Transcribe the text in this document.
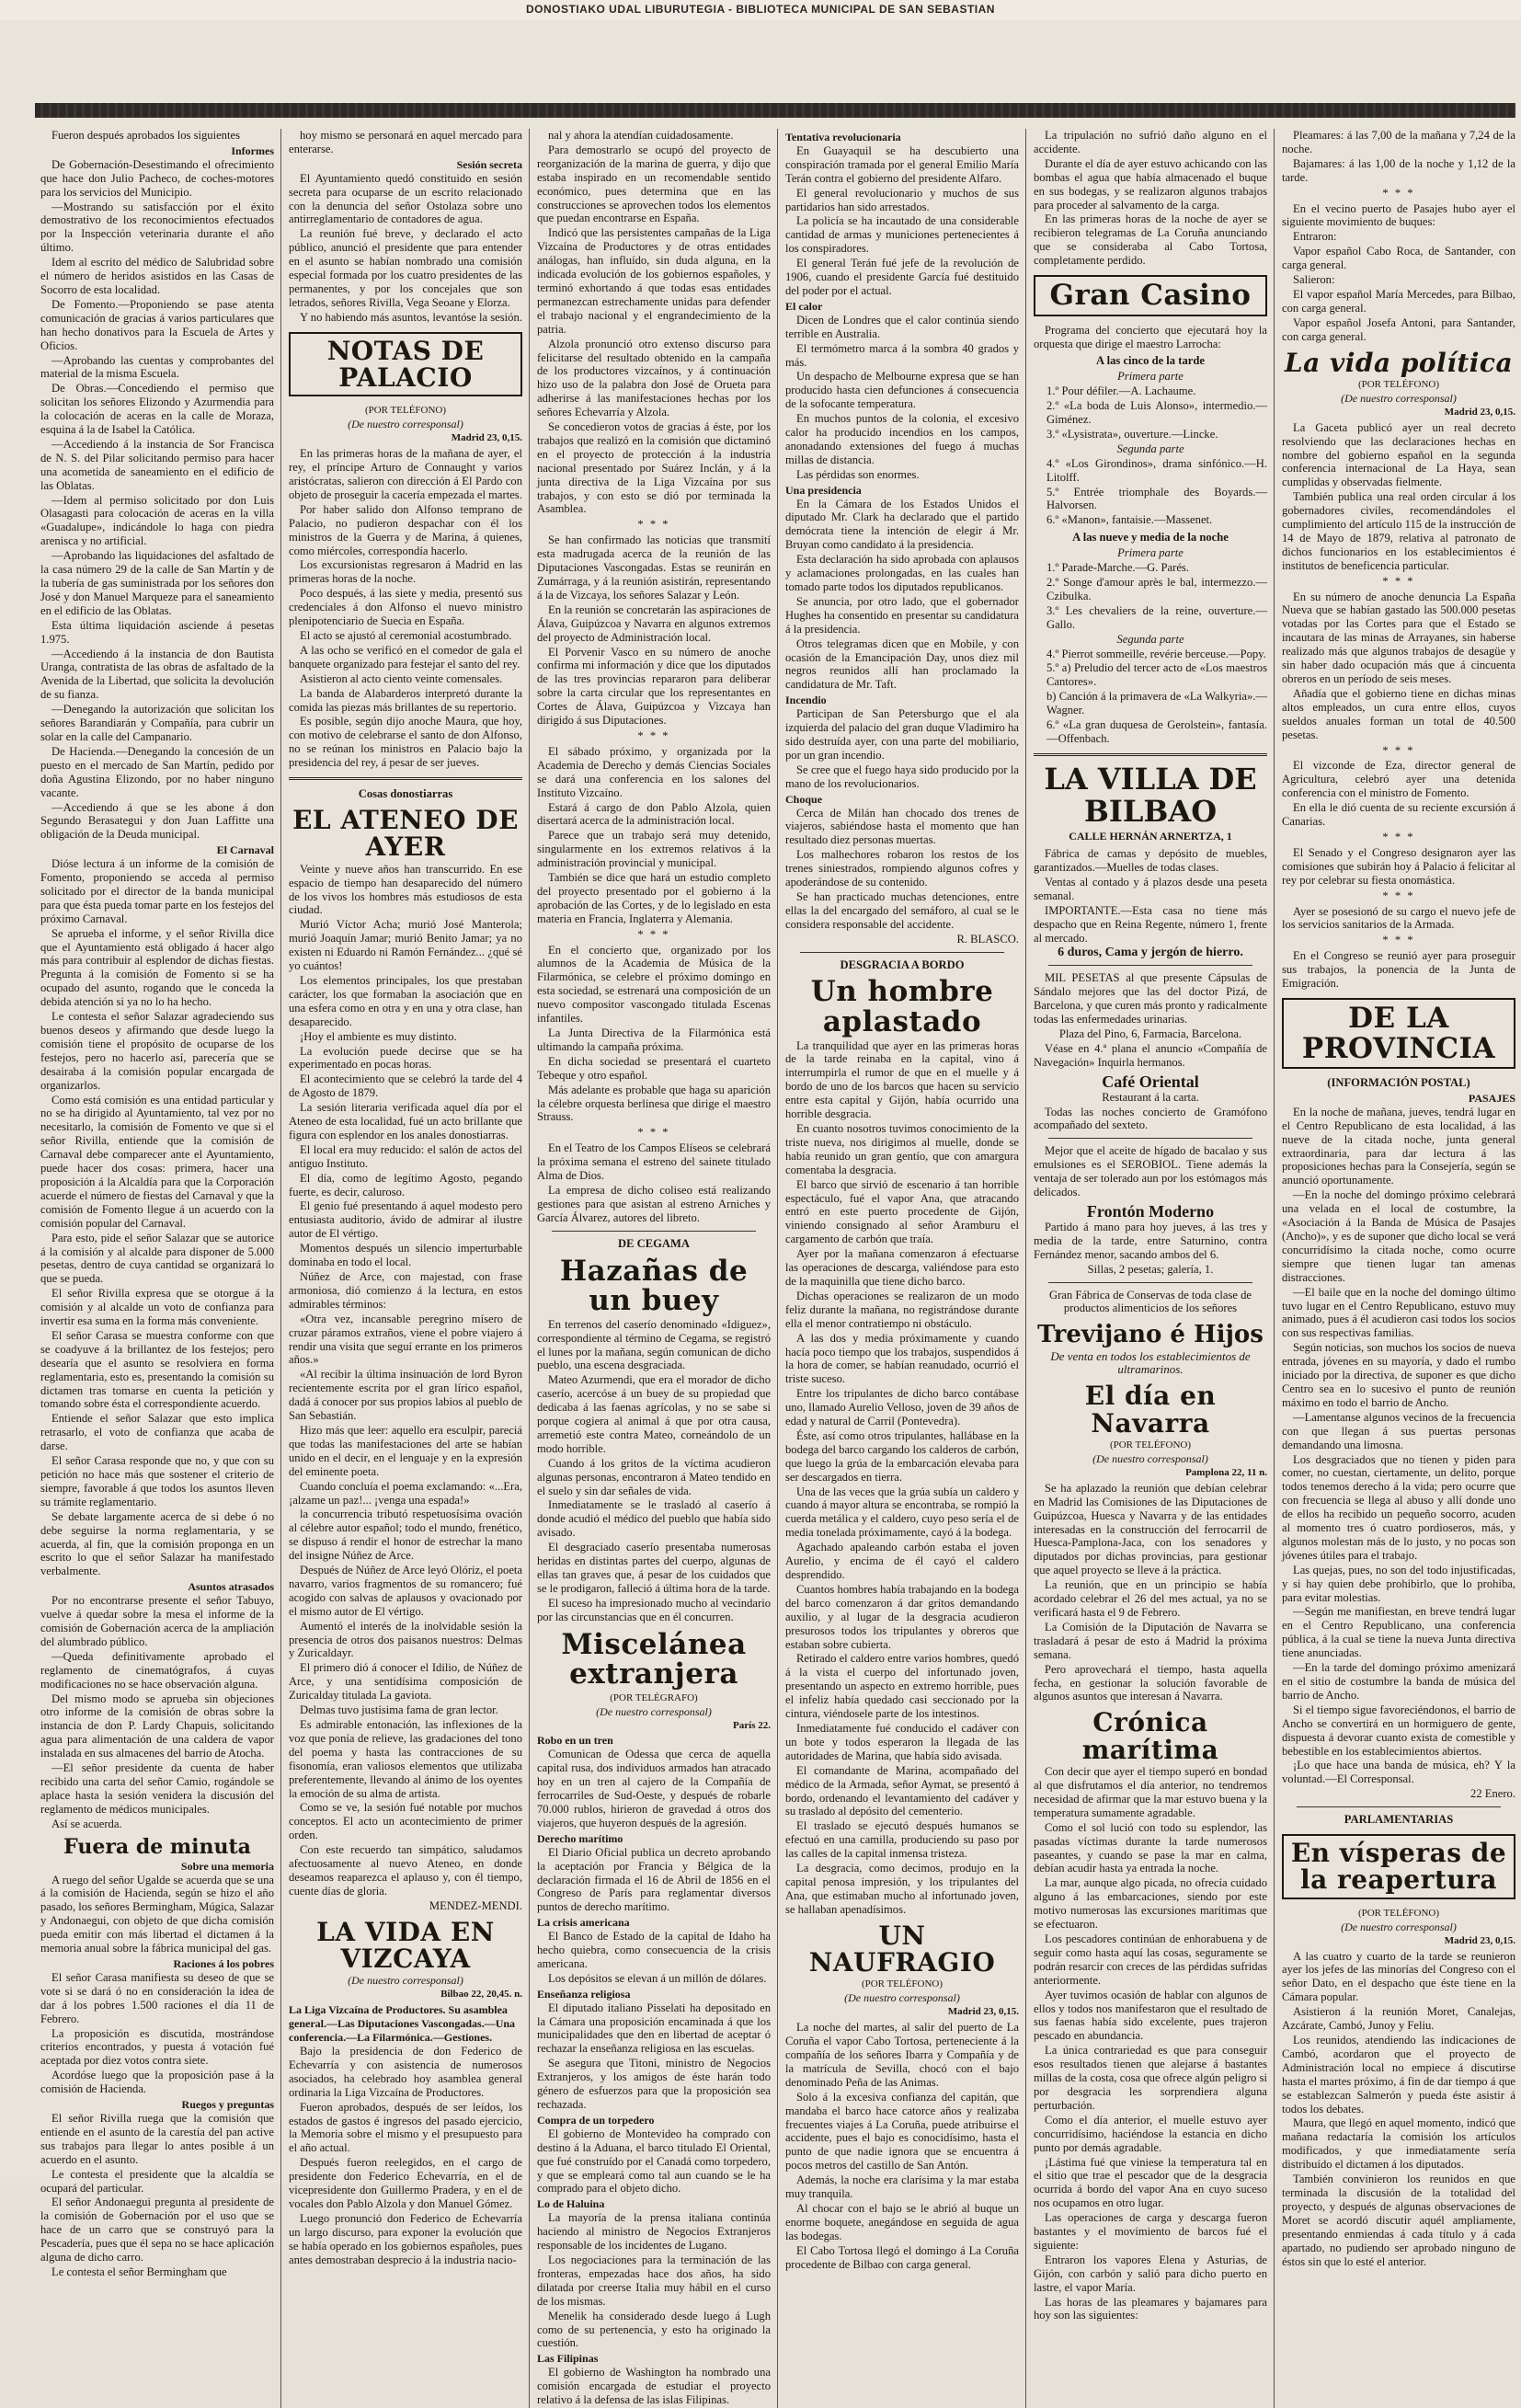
DONOSTIAKO UDAL LIBURUTEGIA - BIBLIOTECA MUNICIPAL DE SAN SEBASTIAN

Fueron después aprobados los siguientes

Informes

De Gobernación-Desestimando el ofrecimiento que hace don Julio Pacheco, de coches-motores para los servicios del Municipio.

—Mostrando su satisfacción por el éxito demostrativo de los reconocimientos efectuados por la Inspección veterinaria durante el año último.

Idem al escrito del médico de Salubridad sobre el número de heridos asistidos en las Casas de Socorro de esta localidad.

De Fomento.—Proponiendo se pase atenta comunicación de gracias á varios particulares que han hecho donativos para la Escuela de Artes y Oficios.

—Aprobando las cuentas y comprobantes del material de la misma Escuela.

De Obras.—Concediendo el permiso que solicitan los señores Elizondo y Azurmendia para la colocación de aceras en la calle de Moraza, esquina á la de Isabel la Católica.

—Accediendo á la instancia de Sor Francisca de N. S. del Pilar solicitando permiso para hacer una acometida de saneamiento en el edificio de las Oblatas.

—Idem al permiso solicitado por don Luis Olasagasti para colocación de aceras en la villa «Guadalupe», indicándole lo haga con piedra arenisca y no artificial.

—Aprobando las liquidaciones del asfaltado de la casa número 29 de la calle de San Martín y de la tubería de gas suministrada por los señores don José y don Manuel Marqueze para el saneamiento en el edificio de las Oblatas.

Esta última liquidación asciende á pesetas 1.975.

—Accediendo á la instancia de don Bautista Uranga, contratista de las obras de asfaltado de la Avenida de la Libertad, que solicita la devolución de su fianza.

—Denegando la autorización que solicitan los señores Barandiarán y Compañía, para cubrir un solar en la calle del Campanario.

De Hacienda.—Denegando la concesión de un puesto en el mercado de San Martín, pedido por doña Agustina Elizondo, por no haber ninguno vacante.

—Accediendo á que se les abone á don Segundo Berasategui y don Juan Laffitte una obligación de la Deuda municipal.

El Carnaval

Dióse lectura á un informe de la comisión de Fomento, proponiendo se acceda al permiso solicitado por el director de la banda municipal para que ésta pueda tomar parte en los festejos del próximo Carnaval.

Se aprueba el informe, y el señor Rivilla dice que el Ayuntamiento está obligado á hacer algo más para contribuir al esplendor de dichas fiestas. Pregunta á la comisión de Fomento si se ha ocupado del asunto, rogando que le conceda la debida atención si ya no lo ha hecho.

Le contesta el señor Salazar agradeciendo sus buenos deseos y afirmando que desde luego la comisión tiene el propósito de ocuparse de los festejos, pero no hacerlo así, parecería que se desairaba á la comisión popular encargada de organizarlos.

Como está comisión es una entidad particular y no se ha dirigido al Ayuntamiento, tal vez por no necesitarlo, la comisión de Fomento ve que si el señor Rivilla, entiende que la comisión de Carnaval debe comparecer ante el Ayuntamiento, puede hacer dos cosas: primera, hacer una proposición á la Alcaldía para que la Corporación acuerde el número de fiestas del Carnaval y que la comisión de Fomento llegue á un acuerdo con la comisión popular del Carnaval.

Para esto, pide el señor Salazar que se autorice á la comisión y al alcalde para disponer de 5.000 pesetas, dentro de cuya cantidad se organizará lo que se pueda.

El señor Rivilla expresa que se otorgue á la comisión y al alcalde un voto de confianza para invertir esa suma en la forma más conveniente.

El señor Carasa se muestra conforme con que se coadyuve á la brillantez de los festejos; pero desearía que el asunto se resolviera en forma reglamentaria, esto es, presentando la comisión su dictamen tras tomarse en cuenta la petición y tomando sobre ésta el correspondiente acuerdo.

Entiende el señor Salazar que esto implica retrasarlo, el voto de confianza que acaba de darse.

El señor Carasa responde que no, y que con su petición no hace más que sostener el criterio de siempre, favorable á que todos los asuntos lleven su trámite reglamentario.

Se debate largamente acerca de si debe ó no debe seguirse la norma reglamentaria, y se acuerda, al fin, que la comisión proponga en un escrito lo que el señor Salazar ha manifestado verbalmente.

Asuntos atrasados

Por no encontrarse presente el señor Tabuyo, vuelve á quedar sobre la mesa el informe de la comisión de Gobernación acerca de la ampliación del alumbrado público.

—Queda definitivamente aprobado el reglamento de cinematógrafos, á cuyas modificaciones no se hace observación alguna.

Del mismo modo se aprueba sin objeciones otro informe de la comisión de obras sobre la instancia de don P. Lardy Chapuis, solicitando agua para alimentación de una caldera de vapor instalada en sus almacenes del barrio de Atocha.

—El señor presidente da cuenta de haber recibido una carta del señor Camio, rogándole se aplace hasta la sesión venidera la discusión del reglamento de médicos municipales.

Así se acuerda.

Fuera de minuta

Sobre una memoria

A ruego del señor Ugalde se acuerda que se una á la comisión de Hacienda, según se hizo el año pasado, los señores Bermingham, Múgica, Salazar y Andonaegui, con objeto de que dicha comisión pueda emitir con más libertad el dictamen á la memoria anual sobre la fábrica municipal del gas.

Raciones á los pobres

El señor Carasa manifiesta su deseo de que se vote si se dará ó no en consideración la idea de dar á los pobres 1.500 raciones el día 11 de Febrero.

La proposición es discutida, mostrándose criterios encontrados, y puesta á votación fué aceptada por diez votos contra siete.

Acordóse luego que la proposición pase á la comisión de Hacienda.

Ruegos y preguntas

El señor Rivilla ruega que la comisión que entiende en el asunto de la carestía del pan active sus trabajos para llegar lo antes posible á un acuerdo en el asunto.

Le contesta el presidente que la alcaldía se ocupará del particular.

El señor Andonaegui pregunta al presidente de la comisión de Gobernación por el uso que se hace de un carro que se construyó para la Pescadería, pues que él sepa no se hace aplicación alguna de dicho carro.

Le contesta el señor Bermingham que

hoy mismo se personará en aquel mercado para enterarse.

Sesión secreta

El Ayuntamiento quedó constituido en sesión secreta para ocuparse de un escrito relacionado con la denuncia del señor Ostolaza sobre uno antirreglamentario de contadores de agua.

La reunión fué breve, y declarado el acto público, anunció el presidente que para entender en el asunto se habían nombrado una comisión especial formada por los cuatro presidentes de las permanentes, y por los concejales que son letrados, señores Rivilla, Vega Seoane y Elorza.

Y no habiendo más asuntos, levantóse la sesión.

NOTAS DE PALACIO

(POR TELÉFONO)

(De nuestro corresponsal)

Madrid 23, 0,15.

En las primeras horas de la mañana de ayer, el rey, el príncipe Arturo de Connaught y varios aristócratas, salieron con dirección á El Pardo con objeto de proseguir la cacería empezada el martes.

Por haber salido don Alfonso temprano de Palacio, no pudieron despachar con él los ministros de la Guerra y de Marina, á quienes, como miércoles, correspondía hacerlo.

Los excursionistas regresaron á Madrid en las primeras horas de la noche.

Poco después, á las siete y media, presentó sus credenciales á don Alfonso el nuevo ministro plenipotenciario de Suecia en España.

El acto se ajustó al ceremonial acostumbrado.

A las ocho se verificó en el comedor de gala el banquete organizado para festejar el santo del rey.

Asistieron al acto ciento veinte comensales.

La banda de Alabarderos interpretó durante la comida las piezas más brillantes de su repertorio.

Es posible, según dijo anoche Maura, que hoy, con motivo de celebrarse el santo de don Alfonso, no se reúnan los ministros en Palacio bajo la presidencia del rey, á pesar de ser jueves.

Cosas donostiarras

EL ATENEO DE AYER

Veinte y nueve años han transcurrido. En ese espacio de tiempo han desaparecido del número de los vivos los hombres más estudiosos de esta ciudad.

Murió Víctor Acha; murió José Manterola; murió Joaquín Jamar; murió Benito Jamar; ya no existen ni Eduardo ni Ramón Fernández... ¿qué sé yo cuántos!

Los elementos principales, los que prestaban carácter, los que formaban la asociación que en una esfera como en otra y en una y otra clase, han desaparecido.

¡Hoy el ambiente es muy distinto.

La evolución puede decirse que se ha experimentado en pocas horas.

El acontecimiento que se celebró la tarde del 4 de Agosto de 1879.

La sesión literaria verificada aquel día por el Ateneo de esta localidad, fué un acto brillante que figura con esplendor en los anales donostiarras.

El local era muy reducido: el salón de actos del antiguo Instituto.

El día, como de legítimo Agosto, pegando fuerte, es decir, caluroso.

El genio fué presentando á aquel modesto pero entusiasta auditorio, ávido de admirar al ilustre autor de El vértigo.

Momentos después un silencio imperturbable dominaba en todo el local.

Núñez de Arce, con majestad, con frase armoniosa, dió comienzo á la lectura, en estos admirables términos:

«Otra vez, incansable peregrino mísero de cruzar páramos extraños, viene el pobre viajero á rendir una visita que seguí errante en los primeros años.»

«Al recibir la última insinuación de lord Byron recientemente escrita por el gran lírico español, dadá á conocer por sus propios labios al pueblo de San Sebastián.

Hizo más que leer: aquello era esculpir, pareciá que todas las manifestaciones del arte se habían unido en el decir, en el lenguaje y en la expresión del eminente poeta.

Cuando concluía el poema exclamando: «...Era, ¡alzame un paz!... ¡venga una espada!»

la concurrencia tributó respetuosísima ovación al célebre autor español; todo el mundo, frenético, se dispuso á rendir el honor de estrechar la mano del insigne Núñez de Arce.

Después de Núñez de Arce leyó Olóriz, el poeta navarro, varios fragmentos de su romancero; fué acogido con salvas de aplausos y ovacionado por el mismo autor de El vértigo.

Aumentó el interés de la inolvidable sesión la presencia de otros dos paisanos nuestros: Delmas y Zuricaldayr.

El primero dió á conocer el Idilio, de Núñez de Arce, y una sentidísima composición de Zuricalday titulada La gaviota.

Delmas tuvo justísima fama de gran lector.

Es admirable entonación, las inflexiones de la voz que ponía de relieve, las gradaciones del tono del poema y hasta las contracciones de su fisonomía, eran valiosos elementos que utilizaba preferentemente, llevando al ánimo de los oyentes la emoción de su alma de artista.

Como se ve, la sesión fué notable por muchos conceptos. El acto un acontecimiento de primer orden.

Con este recuerdo tan simpático, saludamos afectuosamente al nuevo Ateneo, en donde deseamos reaparezca el aplauso y, con él tiempo, cuente días de gloria.

MENDEZ-MENDI.

LA VIDA EN VIZCAYA

(De nuestro corresponsal)

Bilbao 22, 20,45. n.

La Liga Vizcaína de Productores. Su asamblea general.—Las Diputaciones Vascongadas.—Una conferencia.—La Filarmónica.—Gestiones.

Bajo la presidencia de don Federico de Echevarría y con asistencia de numerosos asociados, ha celebrado hoy asamblea general ordinaria la Liga Vizcaína de Productores.

Fueron aprobados, después de ser leídos, los estados de gastos é ingresos del pasado ejercicio, la Memoria sobre el mismo y el presupuesto para el año actual.

Después fueron reelegidos, en el cargo de presidente don Federico Echevarría, en el de vicepresidente don Guillermo Pradera, y en el de vocales don Pablo Alzola y don Manuel Gómez.

Luego pronunció don Federico de Echevarría un largo discurso, para exponer la evolución que se había operado en los gobiernos españoles, pues antes demostraban desprecio á la industria nacio-

nal y ahora la atendían cuidadosamente.

Para demostrarlo se ocupó del proyecto de reorganización de la marina de guerra, y dijo que estaba inspirado en un recomendable sentido económico, pues determina que en las construcciones se aprovechen todos los elementos que puedan encontrarse en España.

Indicó que las persistentes campañas de la Liga Vizcaína de Productores y de otras entidades análogas, han influído, sin duda alguna, en la indicada evolución de los gobiernos españoles, y terminó exhortando á que todas esas entidades permanezcan estrechamente unidas para defender el trabajo nacional y el engrandecimiento de la patria.

Alzola pronunció otro extenso discurso para felicitarse del resultado obtenido en la campaña de los productores vizcaínos, y á continuación hizo uso de la palabra don José de Orueta para adherirse á las manifestaciones hechas por los señores Echevarría y Alzola.

Se concedieron votos de gracias á éste, por los trabajos que realizó en la comisión que dictaminó en el proyecto de protección á la industria nacional presentado por Suárez Inclán, y á la junta directiva de la Liga Vizcaína por sus trabajos, y con esto se dió por terminada la Asamblea.

* * *

Se han confirmado las noticias que transmití esta madrugada acerca de la reunión de las Diputaciones Vascongadas. Estas se reunirán en Zumárraga, y á la reunión asistirán, representando á la de Vizcaya, los señores Salazar y León.

En la reunión se concretarán las aspiraciones de Álava, Guipúzcoa y Navarra en algunos extremos del proyecto de Administración local.

El Porvenir Vasco en su número de anoche confirma mi información y dice que los diputados de las tres provincias repararon para deliberar sobre la carta circular que los representantes en Cortes de Álava, Guipúzcoa y Vizcaya han dirigido á sus Diputaciones.

* * *

El sábado próximo, y organizada por la Academia de Derecho y demás Ciencias Sociales se dará una conferencia en los salones del Instituto Vizcaíno.

Estará á cargo de don Pablo Alzola, quien disertará acerca de la administración local.

Parece que un trabajo será muy detenido, singularmente en los extremos relativos á la administración provincial y municipal.

También se dice que hará un estudio completo del proyecto presentado por el gobierno á la aprobación de las Cortes, y de lo legislado en esta materia en Francia, Inglaterra y Alemania.

* * *

En el concierto que, organizado por los alumnos de la Academia de Música de la Filarmónica, se celebre el próximo domingo en esta sociedad, se estrenará una composición de un nuevo compositor vascongado titulada Escenas infantiles.

La Junta Directiva de la Filarmónica está ultimando la campaña próxima.

En dicha sociedad se presentará el cuarteto Tebeque y otro español.

Más adelante es probable que haga su aparición la célebre orquesta berlinesa que dirige el maestro Strauss.

* * *

En el Teatro de los Campos Elíseos se celebrará la próxima semana el estreno del sainete titulado Alma de Dios.

La empresa de dicho coliseo está realizando gestiones para que asistan al estreno Arniches y García Álvarez, autores del libreto.

DE CEGAMA

Hazañas de un buey

En terrenos del caserío denominado «Idiguez», correspondiente al término de Cegama, se registró el lunes por la mañana, según comunican de dicho pueblo, una escena desgraciada.

Mateo Azurmendi, que era el morador de dicho caserío, acercóse á un buey de su propiedad que dedicaba á las faenas agrícolas, y no se sabe si porque cogiera al animal á que por otra causa, arremetió este contra Mateo, corneándolo de un modo horrible.

Cuando á los gritos de la víctima acudieron algunas personas, encontraron á Mateo tendido en el suelo y sin dar señales de vida.

Inmediatamente se le trasladó al caserío á donde acudió el médico del pueblo que había sido avisado.

El desgraciado caserío presentaba numerosas heridas en distintas partes del cuerpo, algunas de ellas tan graves que, á pesar de los cuidados que se le prodigaron, falleció á última hora de la tarde.

El suceso ha impresionado mucho al vecindario por las circunstancias que en él concurren.

Miscelánea extranjera

(POR TELÉGRAFO)

(De nuestro corresponsal)

París 22.

Robo en un tren

Comunican de Odessa que cerca de aquella capital rusa, dos individuos armados han atracado hoy en un tren al cajero de la Compañía de ferrocarriles de Sud-Oeste, y después de robarle 70.000 rublos, hirieron de gravedad á otros dos viajeros, que huyeron después de la agresión.

Derecho marítimo

El Diario Oficial publica un decreto aprobando la aceptación por Francia y Bélgica de la declaración firmada el 16 de Abril de 1856 en el Congreso de París para reglamentar diversos puntos de derecho marítimo.

La crisis americana

El Banco de Estado de la capital de Idaho ha hecho quiebra, como consecuencia de la crisis americana.

Los depósitos se elevan á un millón de dólares.

Enseñanza religiosa

El diputado italiano Pisselati ha depositado en la Cámara una proposición encaminada á que los municipalidades que den en libertad de aceptar ó rechazar la enseñanza religiosa en las escuelas.

Se asegura que Titoni, ministro de Negocios Extranjeros, y los amigos de éste harán todo género de esfuerzos para que la proposición sea rechazada.

Compra de un torpedero

El gobierno de Montevideo ha comprado con destino á la Aduana, el barco titulado El Oriental, que fué construído por el Canadá como torpedero, y que se empleará como tal aun cuando se le ha comprado para el objeto dicho.

Lo de Haluina

La mayoría de la prensa italiana continúa haciendo al ministro de Negocios Extranjeros responsable de los incidentes de Lugano.

Los negociaciones para la terminación de las fronteras, empezadas hace dos años, ha sido dilatada por creerse Italia muy hábil en el curso de los mismas.

Menelik ha considerado desde luego á Lugh como de su pertenencia, y esto ha originado la cuestión.

Las Filipinas

El gobierno de Washington ha nombrado una comisión encargada de estudiar el proyecto relativo á la defensa de las islas Filipinas.

Tentativa revolucionaria

En Guayaquil se ha descubierto una conspiración tramada por el general Emilio María Terán contra el gobierno del presidente Alfaro.

El general revolucionario y muchos de sus partidarios han sido arrestados.

La policía se ha incautado de una considerable cantidad de armas y municiones pertenecientes á los conspiradores.

El general Terán fué jefe de la revolución de 1906, cuando el presidente García fué destituido del poder por el actual.

El calor

Dicen de Londres que el calor continúa siendo terrible en Australia.

El termómetro marca á la sombra 40 grados y más.

Un despacho de Melbourne expresa que se han producido hasta cien defunciones á consecuencia de la sofocante temperatura.

En muchos puntos de la colonia, el excesivo calor ha producido incendios en los campos, anonadando extensiones del fuego á muchas millas de distancia.

Las pérdidas son enormes.

Una presidencia

En la Cámara de los Estados Unidos el diputado Mr. Clark ha declarado que el partido demócrata tiene la intención de elegir á Mr. Bruyan como candidato á la presidencia.

Esta declaración ha sido aprobada con aplausos y aclamaciones prolongadas, en las cuales han tomado parte todos los diputados republicanos.

Se anuncia, por otro lado, que el gobernador Hughes ha consentido en presentar su candidatura á la presidencia.

Otros telegramas dicen que en Mobile, y con ocasión de la Emancipación Day, unos diez mil negros reunidos allí han proclamado la candidatura de Mr. Taft.

Incendio

Participan de San Petersburgo que el ala izquierda del palacio del gran duque Vladimiro ha sido destruída ayer, con una parte del mobiliario, por un gran incendio.

Se cree que el fuego haya sido producido por la mano de los revolucionarios.

Choque

Cerca de Milán han chocado dos trenes de viajeros, sabiéndose hasta el momento que han resultado diez personas muertas.

Los malhechores robaron los restos de los trenes siniestrados, rompiendo algunos cofres y apoderándose de su contenido.

Se han practicado muchas detenciones, entre ellas la del encargado del semáforo, al cual se le considera responsable del accidente.

R. BLASCO.

DESGRACIA A BORDO

Un hombre aplastado

La tranquilidad que ayer en las primeras horas de la tarde reinaba en la capital, vino á interrumpirla el rumor de que en el muelle y á bordo de uno de los barcos que hacen su servicio entre esta capital y Gijón, había ocurrido una horrible desgracia.

En cuanto nosotros tuvimos conocimiento de la triste nueva, nos dirigimos al muelle, donde se había reunido un gran gentío, que con amargura comentaba la desgracia.

El barco que sirvió de escenario á tan horrible espectáculo, fué el vapor Ana, que atracando entró en este puerto procedente de Gijón, viniendo consignado al señor Aramburu el cargamento de carbón que traía.

Ayer por la mañana comenzaron á efectuarse las operaciones de descarga, valiéndose para esto de la maquinilla que tiene dicho barco.

Dichas operaciones se realizaron de un modo feliz durante la mañana, no registrándose durante ella el menor contratiempo ni obstáculo.

A las dos y media próximamente y cuando hacía poco tiempo que los trabajos, suspendidos á la hora de comer, se habían reanudado, ocurrió el triste suceso.

Entre los tripulantes de dicho barco contábase uno, llamado Aurelio Velloso, joven de 39 años de edad y natural de Carril (Pontevedra).

Éste, así como otros tripulantes, hallábase en la bodega del barco cargando los calderos de carbón, que luego la grúa de la embarcación elevaba para ser descargados en tierra.

Una de las veces que la grúa subía un caldero y cuando á mayor altura se encontraba, se rompió la cuerda metálica y el caldero, cuyo peso sería el de media tonelada próximamente, cayó á la bodega.

Agachado apaleando carbón estaba el joven Aurelio, y encima de él cayó el caldero desprendido.

Cuantos hombres había trabajando en la bodega del barco comenzaron á dar gritos demandando auxilio, y al lugar de la desgracia acudieron presurosos todos los tripulantes y obreros que estaban sobre cubierta.

Retirado el caldero entre varios hombres, quedó á la vista el cuerpo del infortunado joven, presentando un aspecto en extremo horrible, pues el infeliz había quedado casi seccionado por la cintura, viéndosele parte de los intestinos.

Inmediatamente fué conducido el cadáver con un bote y todos esperaron la llegada de las autoridades de Marina, que había sido avisada.

El comandante de Marina, acompañado del médico de la Armada, señor Aymat, se presentó á bordo, ordenando el levantamiento del cadáver y su traslado al depósito del cementerio.

El traslado se ejecutó después humanos se efectuó en una camilla, produciendo su paso por las calles de la capital inmensa tristeza.

La desgracia, como decimos, produjo en la capital penosa impresión, y los tripulantes del Ana, que estimaban mucho al infortunado joven, se hallaban apenadísimos.

UN NAUFRAGIO

(POR TELÉFONO)

(De nuestro corresponsal)

Madrid 23, 0,15.

La noche del martes, al salir del puerto de La Coruña el vapor Cabo Tortosa, perteneciente á la compañía de los señores Ibarra y Compañía y de la matrícula de Sevilla, chocó con el bajo denominado Peña de las Animas.

Solo á la excesiva confianza del capitán, que mandaba el barco hace catorce años y realizaba frecuentes viajes á La Coruña, puede atribuirse el accidente, pues el bajo es conocidísimo, hasta el punto de que nadie ignora que se encuentra á pocos metros del castillo de San Antón.

Además, la noche era clarísima y la mar estaba muy tranquila.

Al chocar con el bajo se le abrió al buque un enorme boquete, anegándose en seguida de agua las bodegas.

El Cabo Tortosa llegó el domingo á La Coruña procedente de Bilbao con carga general.

La tripulación no sufrió daño alguno en el accidente.

Durante el día de ayer estuvo achicando con las bombas el agua que había almacenado el buque en sus bodegas, y se realizaron algunos trabajos para proceder al salvamento de la carga.

En las primeras horas de la noche de ayer se recibieron telegramas de La Coruña anunciando que se consideraba al Cabo Tortosa, completamente perdido.

Gran Casino

Programa del concierto que ejecutará hoy la orquesta que dirige el maestro Larrocha:

A las cinco de la tarde

Primera parte

1.º Pour défiler.—A. Lachaume.

2.º «La boda de Luis Alonso», intermedio.—Giménez.

3.º «Lysistrata», ouverture.—Lincke.

Segunda parte

4.º «Los Girondinos», drama sinfónico.—H. Litolff.

5.º Entrée triomphale des Boyards.—Halvorsen.

6.º «Manon», fantaisie.—Massenet.

A las nueve y media de la noche

Primera parte

1.º Parade-Marche.—G. Parés.

2.º Songe d'amour après le bal, intermezzo.—Czibulka.

3.º Les chevaliers de la reine, ouverture.—Gallo.

Segunda parte

4.º Pierrot sommeille, revérie berceuse.—Popy.

5.º a) Preludio del tercer acto de «Los maestros Cantores».

b) Canción á la primavera de «La Walkyria».—Wagner.

6.º «La gran duquesa de Gerolstein», fantasía.—Offenbach.

LA VILLA DE BILBAO

CALLE HERNÁN ARNERTZA, 1

Fábrica de camas y depósito de muebles, garantizados.—Muelles de todas clases.

Ventas al contado y á plazos desde una peseta semanal.

IMPORTANTE.—Esta casa no tiene más despacho que en Reina Regente, número 1, frente al mercado.

6 duros, Cama y jergón de hierro.

MIL PESETAS al que presente Cápsulas de Sándalo mejores que las del doctor Pizá, de Barcelona, y que curen más pronto y radicalmente todas las enfermedades urinarias.

Plaza del Pino, 6, Farmacia, Barcelona.

Véase en 4.ª plana el anuncio «Compañía de Navegación» Inquirla hermanos.

Café Oriental

Restaurant á la carta.

Todas las noches concierto de Gramófono acompañado del sexteto.

Mejor que el aceite de hígado de bacalao y sus emulsiones es el SEROBIOL. Tiene además la ventaja de ser tolerado aun por los estómagos más delicados.

Frontón Moderno

Partido á mano para hoy jueves, á las tres y media de la tarde, entre Saturnino, contra Fernández menor, sacando ambos del 6.

Sillas, 2 pesetas; galería, 1.

Gran Fábrica de Conservas de toda clase de productos alimenticios de los señores

Trevijano é Hijos

De venta en todos los establecimientos de ultramarinos.

El día en Navarra

(POR TELÉFONO)

(De nuestro corresponsal)

Pamplona 22, 11 n.

Se ha aplazado la reunión que debían celebrar en Madrid las Comisiones de las Diputaciones de Guipúzcoa, Huesca y Navarra y de las entidades interesadas en la construcción del ferrocarril de Huesca-Pamplona-Jaca, con los senadores y diputados por dichas provincias, para gestionar que aquel proyecto se lleve á la práctica.

La reunión, que en un principio se había acordado celebrar el 26 del mes actual, ya no se verificará hasta el 9 de Febrero.

La Comisión de la Diputación de Navarra se trasladará á pesar de esto á Madrid la próxima semana.

Pero aprovechará el tiempo, hasta aquella fecha, en gestionar la solución favorable de algunos asuntos que interesan á Navarra.

Crónica marítima

Con decir que ayer el tiempo superó en bondad al que disfrutamos el día anterior, no tendremos necesidad de afirmar que la mar estuvo buena y la temperatura sumamente agradable.

Como el sol lució con todo su esplendor, las pasadas víctimas durante la tarde numerosos paseantes, y cuando se pase la mar en calma, debían acudir hasta ya entrada la noche.

La mar, aunque algo picada, no ofrecía cuidado alguno á las embarcaciones, siendo por este motivo numerosas las excursiones marítimas que se efectuaron.

Los pescadores continúan de enhorabuena y de seguir como hasta aquí las cosas, seguramente se podrán resarcir con creces de las pérdidas sufridas anteriormente.

Ayer tuvimos ocasión de hablar con algunos de ellos y todos nos manifestaron que el resultado de sus faenas había sido excelente, pues trajeron pescado en abundancia.

La única contrariedad es que para conseguir esos resultados tienen que alejarse á bastantes millas de la costa, cosa que ofrece algún peligro si por desgracia les sorprendiera alguna perturbación.

Como el día anterior, el muelle estuvo ayer concurridísimo, haciéndose la estancia en dicho punto por demás agradable.

¡Lástima fué que viniese la temperatura tal en el sitio que trae el pescador que de la desgracia ocurrida á bordo del vapor Ana en cuyo suceso nos ocupamos en otro lugar.

Las operaciones de carga y descarga fueron bastantes y el movimiento de barcos fué el siguiente:

Entraron los vapores Elena y Asturias, de Gijón, con carbón y salió para dicho puerto en lastre, el vapor María.

Las horas de las pleamares y bajamares para hoy son las siguientes:

Pleamares: á las 7,00 de la mañana y 7,24 de la noche.

Bajamares: á las 1,00 de la noche y 1,12 de la tarde.

* * *

En el vecino puerto de Pasajes hubo ayer el siguiente movimiento de buques:

Entraron:

Vapor español Cabo Roca, de Santander, con carga general.

Salieron:

El vapor español María Mercedes, para Bilbao, con carga general.

Vapor español Josefa Antoni, para Santander, con carga general.

La vida política

(POR TELÉFONO)

(De nuestro corresponsal)

Madrid 23, 0,15.

La Gaceta publicó ayer un real decreto resolviendo que las declaraciones hechas en nombre del gobierno español en la segunda conferencia internacional de La Haya, sean cumplidas y observadas fielmente.

También publica una real orden circular á los gobernadores civiles, recomendándoles el cumplimiento del artículo 115 de la instrucción de 14 de Mayo de 1879, relativa al patronato de dichos funcionarios en los establecimientos é institutos de beneficencia particular.

* * *

En su número de anoche denuncia La España Nueva que se habían gastado las 500.000 pesetas votadas por las Cortes para que el Estado se incautara de las minas de Arrayanes, sin haberse realizado más que algunos trabajos de desagüe y sin haber dado ocupación más que á cincuenta obreros en un período de seis meses.

Añadía que el gobierno tiene en dichas minas altos empleados, un cura entre ellos, cuyos sueldos anuales forman un total de 40.500 pesetas.

* * *

El vizconde de Eza, director general de Agricultura, celebró ayer una detenida conferencia con el ministro de Fomento.

En ella le dió cuenta de su reciente excursión á Canarias.

* * *

El Senado y el Congreso designaron ayer las comisiones que subirán hoy á Palacio á felicitar al rey por celebrar su fiesta onomástica.

* * *

Ayer se posesionó de su cargo el nuevo jefe de los servicios sanitarios de la Armada.

* * *

En el Congreso se reunió ayer para proseguir sus trabajos, la ponencia de la Junta de Emigración.

DE LA PROVINCIA

(INFORMACIÓN POSTAL)

PASAJES

En la noche de mañana, jueves, tendrá lugar en el Centro Republicano de esta localidad, á las nueve de la citada noche, junta general extraordinaria, para dar lectura á las proposiciones hechas para la Consejería, según se anunció oportunamente.

—En la noche del domingo próximo celebrará una velada en el local de costumbre, la «Asociación á la Banda de Música de Pasajes (Ancho)», y es de suponer que dicho local se verá concurridísimo la citada noche, como ocurre siempre que tienen lugar tan amenas distracciones.

—El baile que en la noche del domingo último tuvo lugar en el Centro Republicano, estuvo muy animado, pues á él acudieron casi todos los socios con sus respectivas familias.

Según noticias, son muchos los socios de nueva entrada, jóvenes en su mayoría, y dado el rumbo iniciado por la directiva, de suponer es que dicho Centro sea en lo sucesivo el punto de reunión máximo en todo el barrio de Ancho.

—Lamentanse algunos vecinos de la frecuencia con que llegan á sus puertas personas demandando una limosna.

Los desgraciados que no tienen y piden para comer, no cuestan, ciertamente, un delito, porque todos tenemos derecho á la vida; pero ocurre que con frecuencia se llega al abuso y allí donde uno de ellos ha recibido un pequeño socorro, acuden al momento tres ó cuatro pordioseros, más, y algunos molestan más de lo justo, y no pocas son jóvenes útiles para el trabajo.

Las quejas, pues, no son del todo injustificadas, y si hay quien debe prohibirlo, que lo prohiba, para evitar molestias.

—Según me manifiestan, en breve tendrá lugar en el Centro Republicano, una conferencia pública, á la cual se tiene la nueva Junta directiva tiene anunciadas.

—En la tarde del domingo próximo amenizará en el sitio de costumbre la banda de música del barrio de Ancho.

Si el tiempo sigue favoreciéndonos, el barrio de Ancho se convertirá en un hormiguero de gente, dispuesta á devorar cuanto exista de comestible y bebestible en los establecimientos abiertos.

¡Lo que hace una banda de música, eh? Y la voluntad.—El Corresponsal.

22 Enero.

PARLAMENTARIAS

En vísperas de la reapertura

(POR TELÉFONO)

(De nuestro corresponsal)

Madrid 23, 0,15.

A las cuatro y cuarto de la tarde se reunieron ayer los jefes de las minorías del Congreso con el señor Dato, en el despacho que éste tiene en la Cámara popular.

Asistieron á la reunión Moret, Canalejas, Azcárate, Cambó, Junoy y Feliu.

Los reunidos, atendiendo las indicaciones de Cambó, acordaron que el proyecto de Administración local no empiece á discutirse hasta el martes próximo, á fin de dar tiempo á que se establezcan Salmerón y pueda éste asistir á todos los debates.

Maura, que llegó en aquel momento, indicó que mañana redactaría la comisión los artículos modificados, y que inmediatamente sería distribuído el dictamen á los diputados.

También convinieron los reunidos en que terminada la discusión de la totalidad del proyecto, y después de algunas observaciones de Moret se acordó discutir aquél ampliamente, presentando enmiendas á cada título y á cada apartado, no pudiendo ser aprobado ninguno de éstos sin que lo esté el anterior.
